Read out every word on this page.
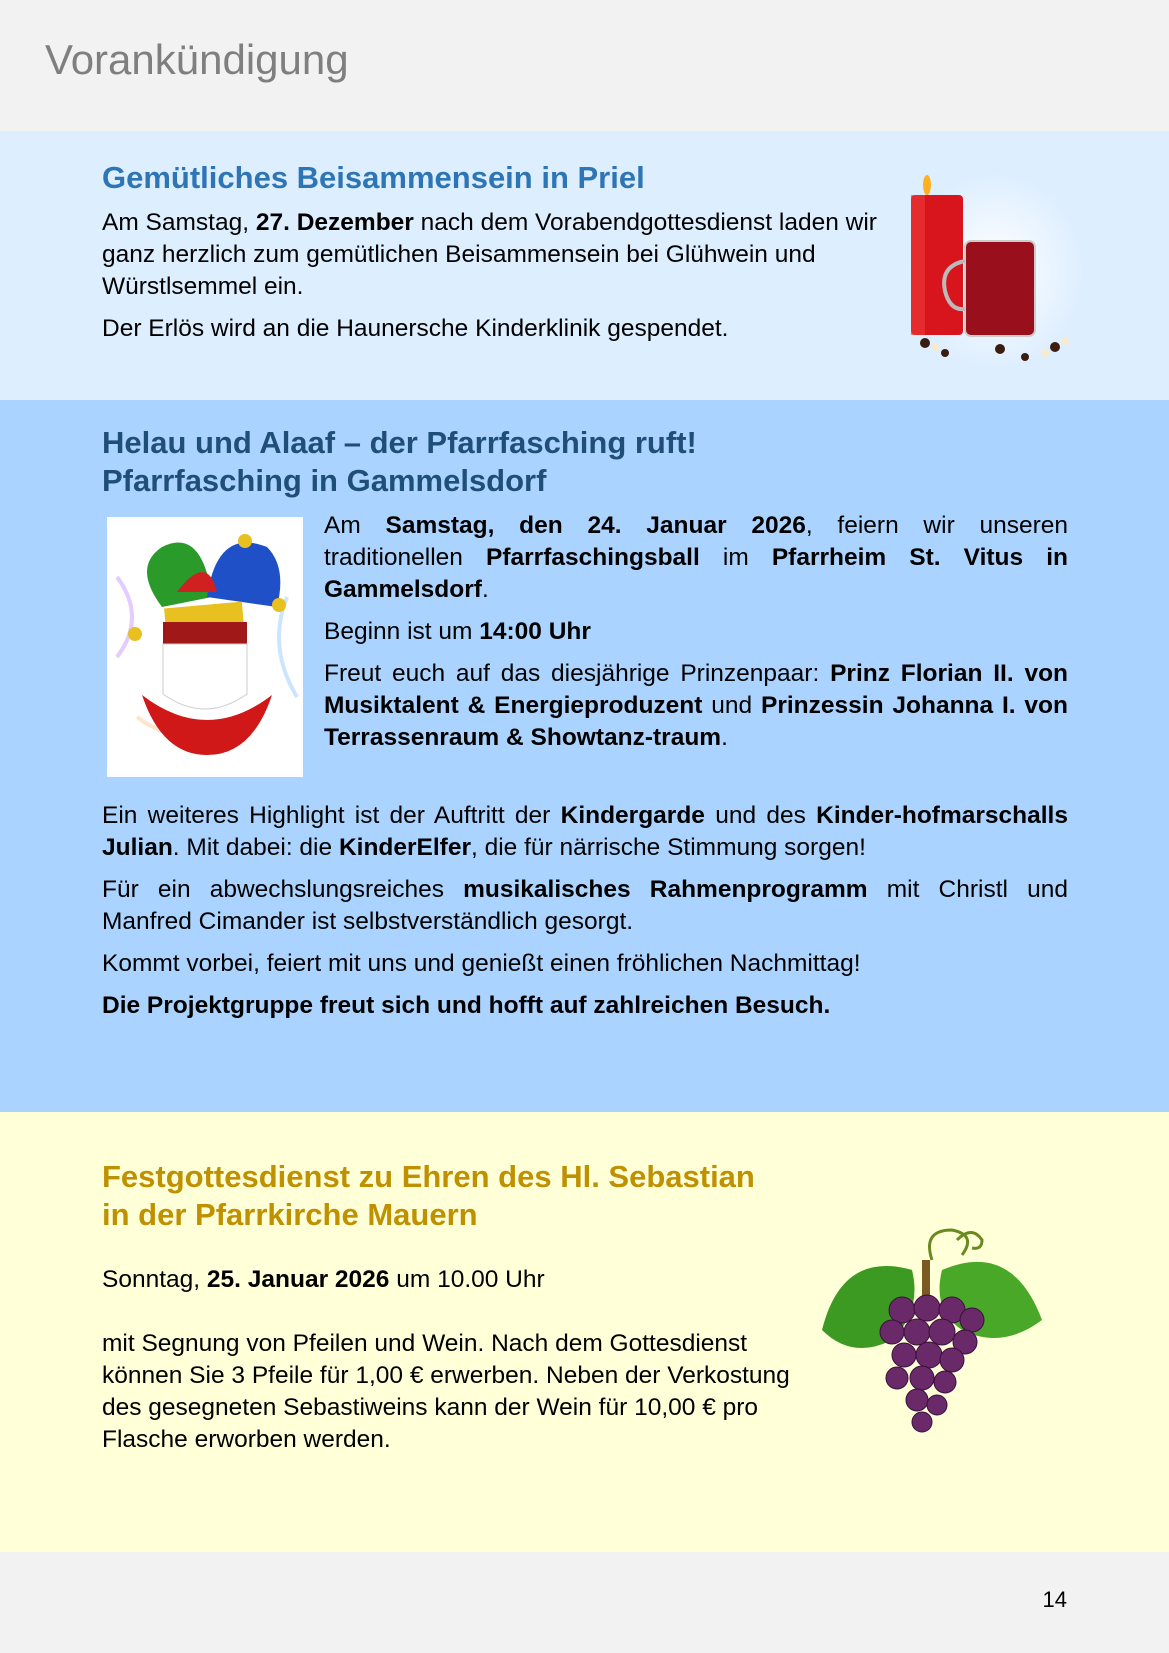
Vorankündigung
Gemütliches Beisammensein in Priel

Am Samstag, 27. Dezember nach dem Vorabendgottesdienst laden wir ganz herzlich zum gemütlichen Beisammensein bei Glühwein und Würstlsemmel ein.

Der Erlös wird an die Haunersche Kinderklinik gespendet.

Helau und Alaaf – der Pfarrfasching ruft!
Pfarrfasching in Gammelsdorf

Am Samstag, den 24. Januar 2026, feiern wir unseren traditionellen Pfarrfaschingsball im Pfarrheim St. Vitus in Gammelsdorf.

Beginn ist um 14:00 Uhr

Freut euch auf das diesjährige Prinzenpaar: Prinz Florian II. von Musiktalent & Energieproduzent und Prinzessin Johanna I. von Terrassenraum & Showtanz-traum.

Ein weiteres Highlight ist der Auftritt der Kindergarde und des Kinder-hofmarschalls Julian. Mit dabei: die KinderElfer, die für närrische Stimmung sorgen!

Für ein abwechslungsreiches musikalisches Rahmenprogramm mit Christl und Manfred Cimander ist selbstverständlich gesorgt.

Kommt vorbei, feiert mit uns und genießt einen fröhlichen Nachmittag!

Die Projektgruppe freut sich und hofft auf zahlreichen Besuch.

Festgottesdienst zu Ehren des Hl. Sebastian
in der Pfarrkirche Mauern

Sonntag, 25. Januar 2026 um 10.00 Uhr

mit Segnung von Pfeilen und Wein. Nach dem Gottesdienst können Sie 3 Pfeile für 1,00 € erwerben. Neben der Verkostung des gesegneten Sebastiweins kann der Wein für 10,00 € pro Flasche erworben werden.

14
